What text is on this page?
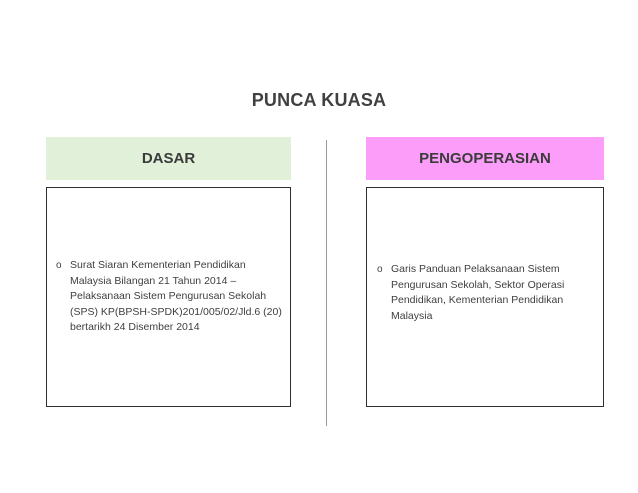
PUNCA KUASA
DASAR	PENGOPERASIAN
o Surat Siaran Kementerian Pendidikan
Malaysia Bilangan 21 Tahun 2014 –
Pelaksanaan Sistem Pengurusan Sekolah
(SPS) KP(BPSH-SPDK)201/005/02/Jld.6 (20)
bertarikh 24 Disember 2014
o Garis Panduan Pelaksanaan Sistem
Pengurusan Sekolah, Sektor Operasi
Pendidikan, Kementerian Pendidikan
Malaysia
